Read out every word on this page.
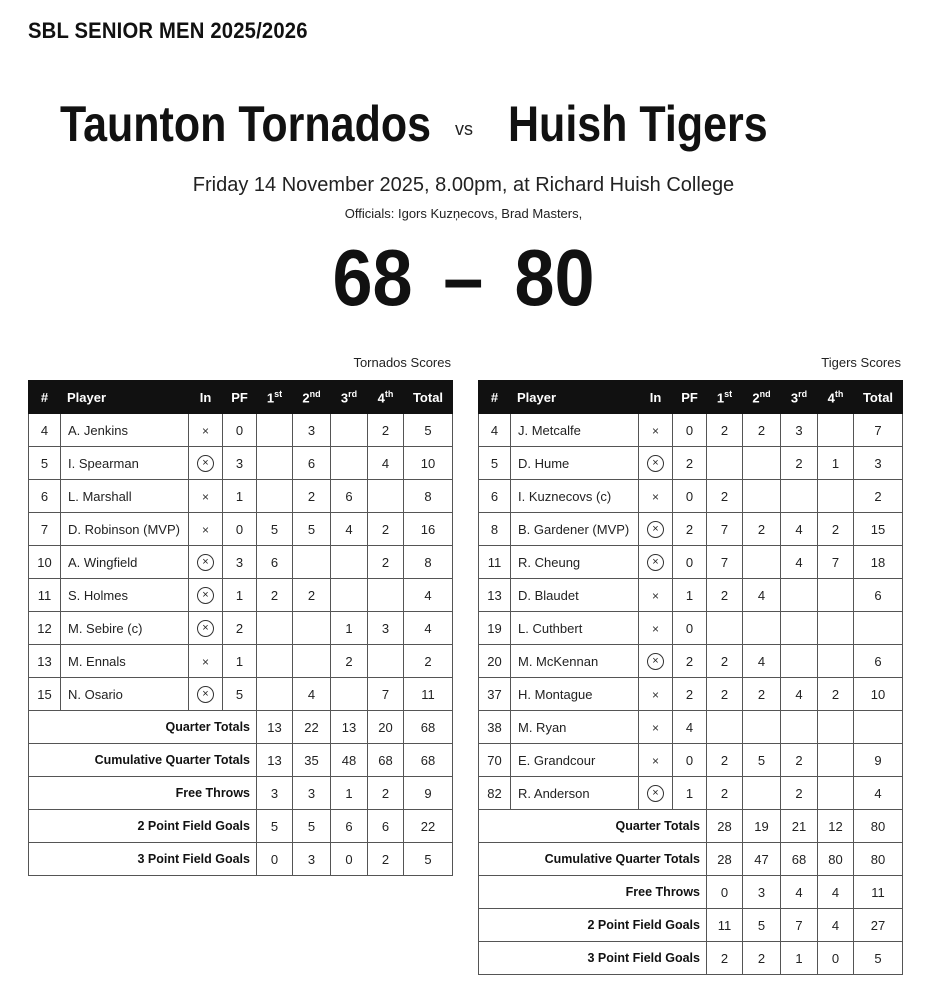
SBL SENIOR MEN 2025/2026
Taunton Tornados vs Huish Tigers
Friday 14 November 2025, 8.00pm, at Richard Huish College
Officials: Igors Kuzņecovs, Brad Masters,
68 – 80
Tornados Scores	Tigers Scores
#	Player	In	PF	1st	2nd	3rd	4th	Total
4	A. Jenkins	×	0		3		2	5
5	I. Spearman	×	3		6		4	10
6	L. Marshall	×	1		2	6		8
7	D. Robinson (MVP)	×	0	5	5	4	2	16
10	A. Wingfield	×	3	6			2	8
11	S. Holmes	×	1	2	2			4
12	M. Sebire (c)	×	2			1	3	4
13	M. Ennals	×	1			2		2
15	N. Osario	×	5		4		7	11
Quarter Totals				13	22	13	20	68
Cumulative Quarter Totals				13	35	48	68	68
Free Throws				3	3	1	2	9
2 Point Field Goals				5	5	6	6	22
3 Point Field Goals				0	3	0	2	5
#	Player	In	PF	1st	2nd	3rd	4th	Total
4	J. Metcalfe	×	0	2	2	3		7
5	D. Hume	×	2			2	1	3
6	I. Kuznecovs (c)	×	0	2				2
8	B. Gardener (MVP)	×	2	7	2	4	2	15
11	R. Cheung	×	0	7		4	7	18
13	D. Blaudet	×	1	2	4			6
19	L. Cuthbert	×	0					
20	M. McKennan	×	2	2	4			6
37	H. Montague	×	2	2	2	4	2	10
38	M. Ryan	×	4					
70	E. Grandcour	×	0	2	5	2		9
82	R. Anderson	×	1	2		2		4
Quarter Totals				28	19	21	12	80
Cumulative Quarter Totals				28	47	68	80	80
Free Throws				0	3	4	4	11
2 Point Field Goals				11	5	7	4	27
3 Point Field Goals				2	2	1	0	5
